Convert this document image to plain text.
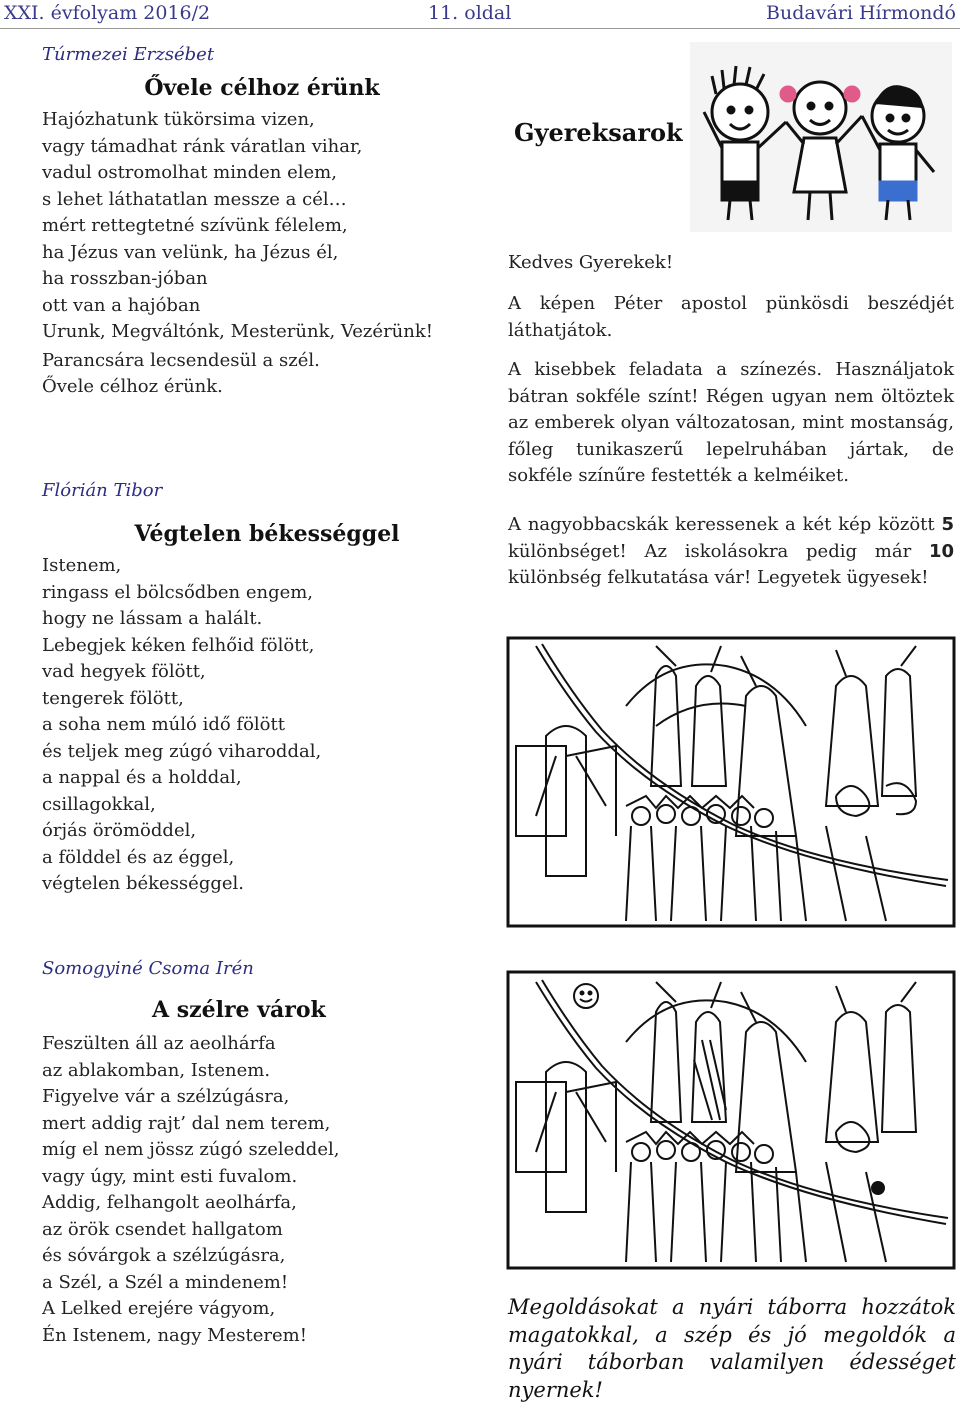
XXI. évfolyam 2016/2	11. oldal	Budavári Hírmondó
Túrmezei Erzsébet
Ővele célhoz érünk
Hajózhatunk tükörsima vizen,
vagy támadhat ránk váratlan vihar,
vadul ostromolhat minden elem,
s lehet láthatatlan messze a cél…
mért rettegtetné szívünk félelem,
ha Jézus van velünk, ha Jézus él,
ha rosszban-jóban
ott van a hajóban
Urunk, Megváltónk, Mesterünk, Vezérünk!
Parancsára lecsendesül a szél.
Ővele célhoz érünk.
Flórián Tibor
Végtelen békességgel
Istenem,
ringass el bölcsődben engem,
hogy ne lássam a halált.
Lebegjek kéken felhőid fölött,
vad hegyek fölött,
tengerek fölött,
a soha nem múló idő fölött
és teljek meg zúgó viharoddal,
a nappal és a holddal,
csillagokkal,
órjás örömöddel,
a földdel és az éggel,
végtelen békességgel.
Somogyiné Csoma Irén
A szélre várok
Feszülten áll az aeolhárfa
az ablakomban, Istenem.
Figyelve vár a szélzúgásra,
mert addig rajt’ dal nem terem,
míg el nem jössz zúgó szeleddel,
vagy úgy, mint esti fuvalom.
Addig, felhangolt aeolhárfa,
az örök csendet hallgatom
és sóvárgok a szélzúgásra,
a Szél, a Szél a mindenem!
A Lelked erejére vágyom,
Én Istenem, nagy Mesterem!
Gyereksarok
Kedves Gyerekek!
A képen Péter apostol pünkösdi beszédjét láthatjátok.
A kisebbek feladata a színezés. Használjatok bátran sokféle színt! Régen ugyan nem öltöztek az emberek olyan változatosan, mint mostanság, főleg tunikaszerű lepelruhában jártak, de sokféle színűre festették a kelméiket.
A nagyobbacskák keressenek a két kép között 5 különbséget! Az iskolásokra pedig már 10 különbség felkutatása vár! Legyetek ügyesek!
Megoldásokat a nyári táborra hozzátok magatokkal, a szép és jó megoldók a nyári táborban valamilyen édességet nyernek!
